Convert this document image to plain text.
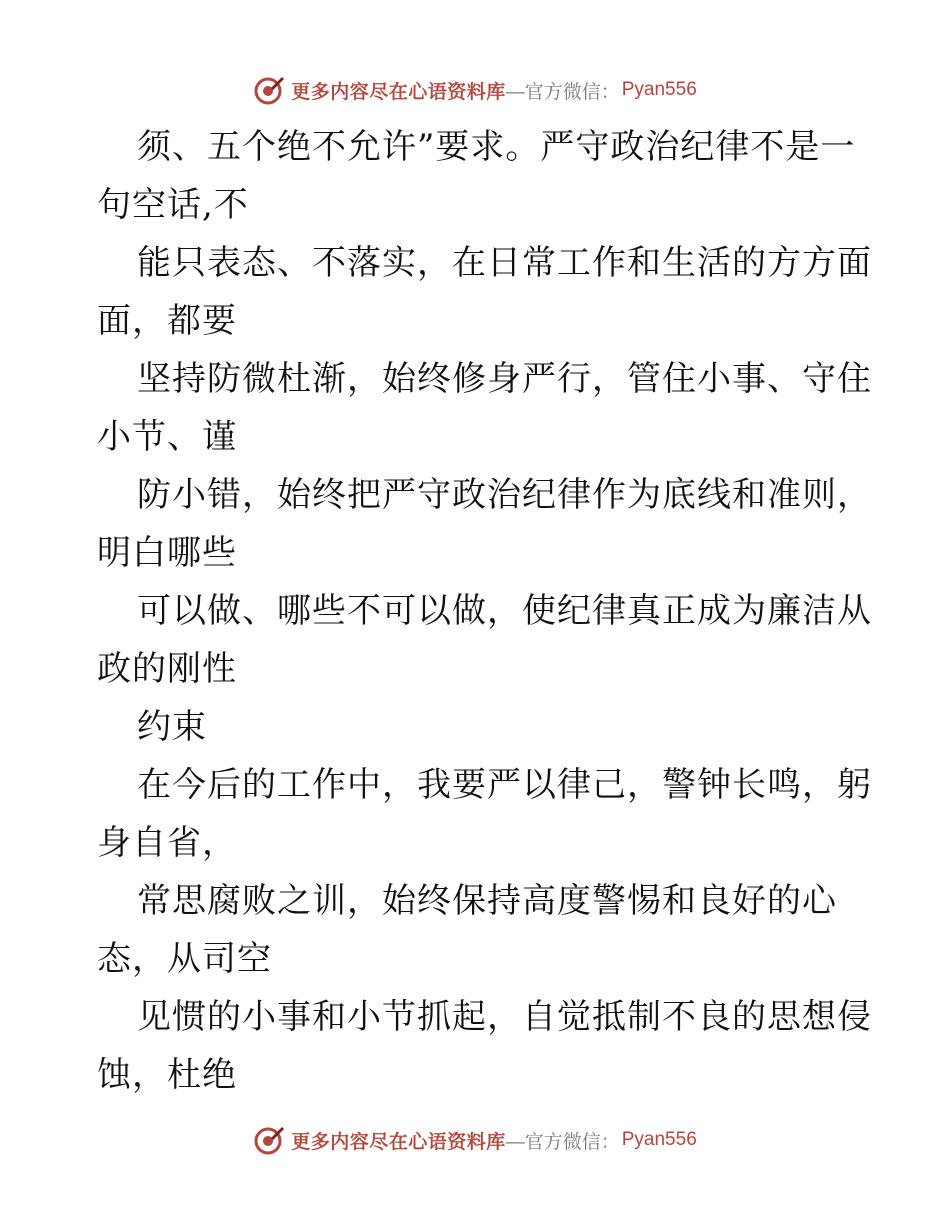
更多内容尽在心语资料库 —官方微信： Pyan556
须、五个绝不允许”要求。严守政治纪律不是一
句空话,不
能只表态、不落实，在日常工作和生活的方方面
面，都要
坚持防微杜渐，始终修身严行，管住小事、守住
小节、谨
防小错，始终把严守政治纪律作为底线和准则，
明白哪些
可以做、哪些不可以做，使纪律真正成为廉洁从
政的刚性
约束
在今后的工作中，我要严以律己，警钟长鸣，躬
身自省，
常思腐败之训，始终保持高度警惕和良好的心
态，从司空
见惯的小事和小节抓起，自觉抵制不良的思想侵
蚀，杜绝
更多内容尽在心语资料库 —官方微信： Pyan556
